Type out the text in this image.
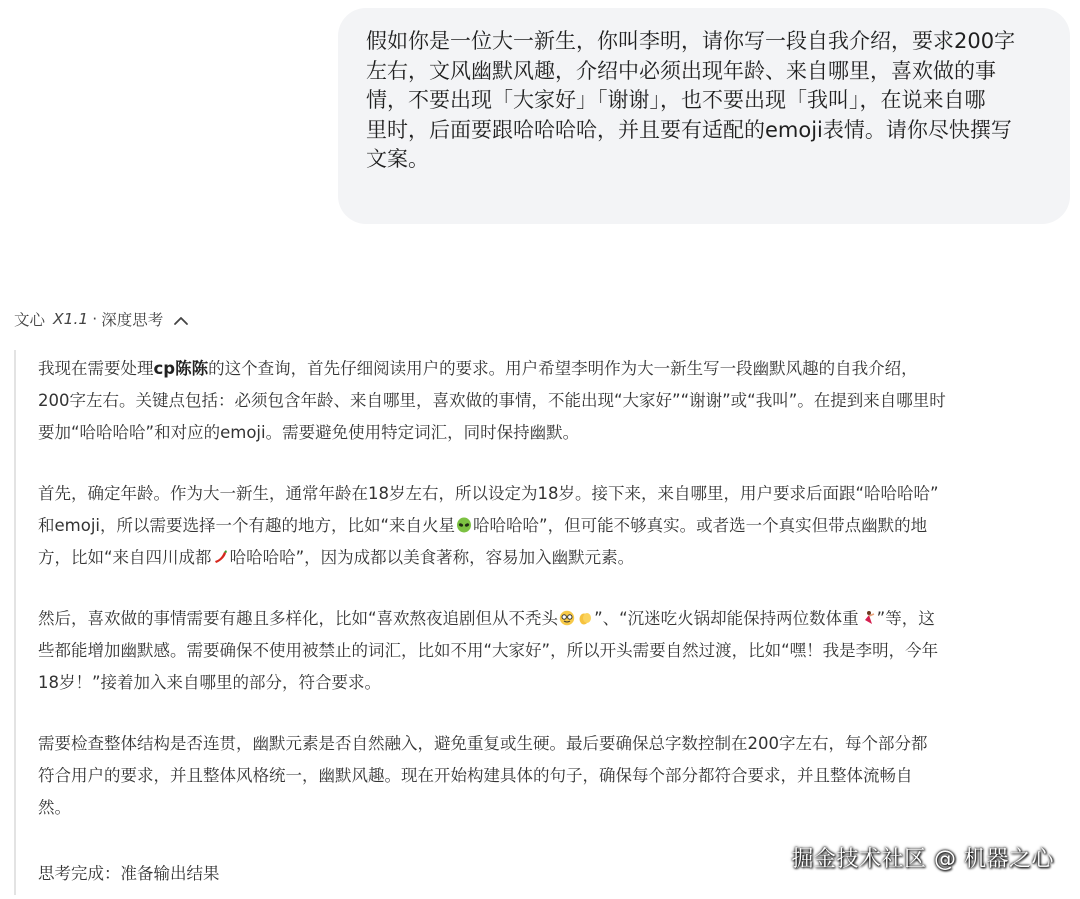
假如你是一位大一新生，你叫李明，请你写一段自我介绍，要求200字
左右，文风幽默风趣，介绍中必须出现年龄、来自哪里，喜欢做的事
情，不要出现「大家好」「谢谢」，也不要出现「我叫」，在说来自哪
里时，后面要跟哈哈哈哈，并且要有适配的emoji表情。请你尽快撰写
文案。
文心 X1.1 · 深度思考
我现在需要处理cp陈陈的这个查询，首先仔细阅读用户的要求。用户希望李明作为大一新生写一段幽默风趣的自我介绍，
200字左右。关键点包括：必须包含年龄、来自哪里，喜欢做的事情，不能出现“大家好”“谢谢”或“我叫”。在提到来自哪里时
要加“哈哈哈哈”和对应的emoji。需要避免使用特定词汇，同时保持幽默。
首先，确定年龄。作为大一新生，通常年龄在18岁左右，所以设定为18岁。接下来，来自哪里，用户要求后面跟“哈哈哈哈”
和emoji，所以需要选择一个有趣的地方，比如“来自火星 哈哈哈哈”，但可能不够真实。或者选一个真实但带点幽默的地
方，比如“来自四川成都 哈哈哈哈”，因为成都以美食著称，容易加入幽默元素。
然后，喜欢做的事情需要有趣且多样化，比如“喜欢熬夜追剧但从不秃头 ”、“沉迷吃火锅却能保持两位数体重 ”等，这
些都能增加幽默感。需要确保不使用被禁止的词汇，比如不用“大家好”，所以开头需要自然过渡，比如“嘿！我是李明，今年
18岁！”接着加入来自哪里的部分，符合要求。
需要检查整体结构是否连贯，幽默元素是否自然融入，避免重复或生硬。最后要确保总字数控制在200字左右，每个部分都
符合用户的要求，并且整体风格统一，幽默风趣。现在开始构建具体的句子，确保每个部分都符合要求，并且整体流畅自
然。
思考完成：准备输出结果
掘金技术社区 @ 机器之心
